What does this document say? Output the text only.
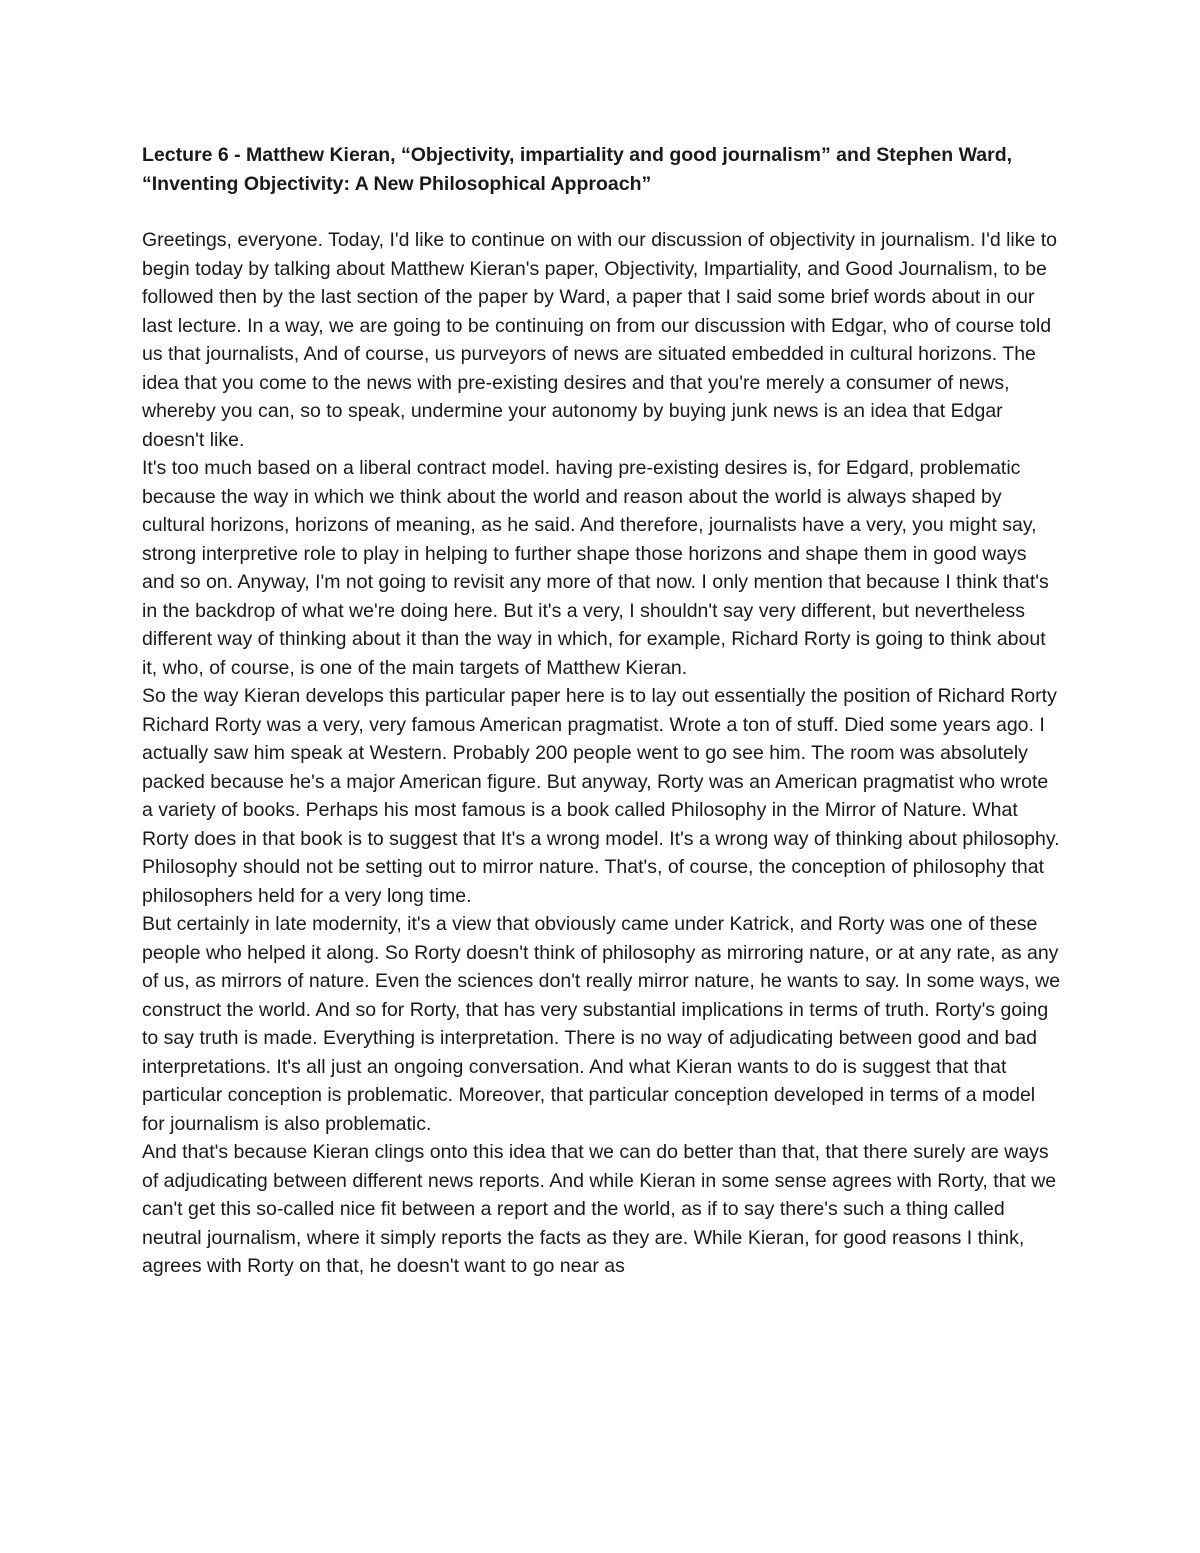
Lecture 6 - Matthew Kieran, “Objectivity, impartiality and good journalism” and Stephen Ward, “Inventing Objectivity: A New Philosophical Approach”

Greetings, everyone. Today, I'd like to continue on with our discussion of objectivity in journalism. I'd like to begin today by talking about Matthew Kieran's paper, Objectivity, Impartiality, and Good Journalism, to be followed then by the last section of the paper by Ward, a paper that I said some brief words about in our last lecture. In a way, we are going to be continuing on from our discussion with Edgar, who of course told us that journalists, And of course, us purveyors of news are situated embedded in cultural horizons. The idea that you come to the news with pre-existing desires and that you're merely a consumer of news, whereby you can, so to speak, undermine your autonomy by buying junk news is an idea that Edgar doesn't like.

It's too much based on a liberal contract model. having pre-existing desires is, for Edgard, problematic because the way in which we think about the world and reason about the world is always shaped by cultural horizons, horizons of meaning, as he said. And therefore, journalists have a very, you might say, strong interpretive role to play in helping to further shape those horizons and shape them in good ways and so on. Anyway, I'm not going to revisit any more of that now. I only mention that because I think that's in the backdrop of what we're doing here. But it's a very, I shouldn't say very different, but nevertheless different way of thinking about it than the way in which, for example, Richard Rorty is going to think about it, who, of course, is one of the main targets of Matthew Kieran.

So the way Kieran develops this particular paper here is to lay out essentially the position of Richard Rorty Richard Rorty was a very, very famous American pragmatist. Wrote a ton of stuff. Died some years ago. I actually saw him speak at Western. Probably 200 people went to go see him. The room was absolutely packed because he's a major American figure. But anyway, Rorty was an American pragmatist who wrote a variety of books. Perhaps his most famous is a book called Philosophy in the Mirror of Nature. What Rorty does in that book is to suggest that It's a wrong model. It's a wrong way of thinking about philosophy. Philosophy should not be setting out to mirror nature. That's, of course, the conception of philosophy that philosophers held for a very long time.

But certainly in late modernity, it's a view that obviously came under Katrick, and Rorty was one of these people who helped it along. So Rorty doesn't think of philosophy as mirroring nature, or at any rate, as any of us, as mirrors of nature. Even the sciences don't really mirror nature, he wants to say. In some ways, we construct the world. And so for Rorty, that has very substantial implications in terms of truth. Rorty's going to say truth is made. Everything is interpretation. There is no way of adjudicating between good and bad interpretations. It's all just an ongoing conversation. And what Kieran wants to do is suggest that that particular conception is problematic. Moreover, that particular conception developed in terms of a model for journalism is also problematic.

And that's because Kieran clings onto this idea that we can do better than that, that there surely are ways of adjudicating between different news reports. And while Kieran in some sense agrees with Rorty, that we can't get this so-called nice fit between a report and the world, as if to say there's such a thing called neutral journalism, where it simply reports the facts as they are. While Kieran, for good reasons I think, agrees with Rorty on that, he doesn't want to go near as
